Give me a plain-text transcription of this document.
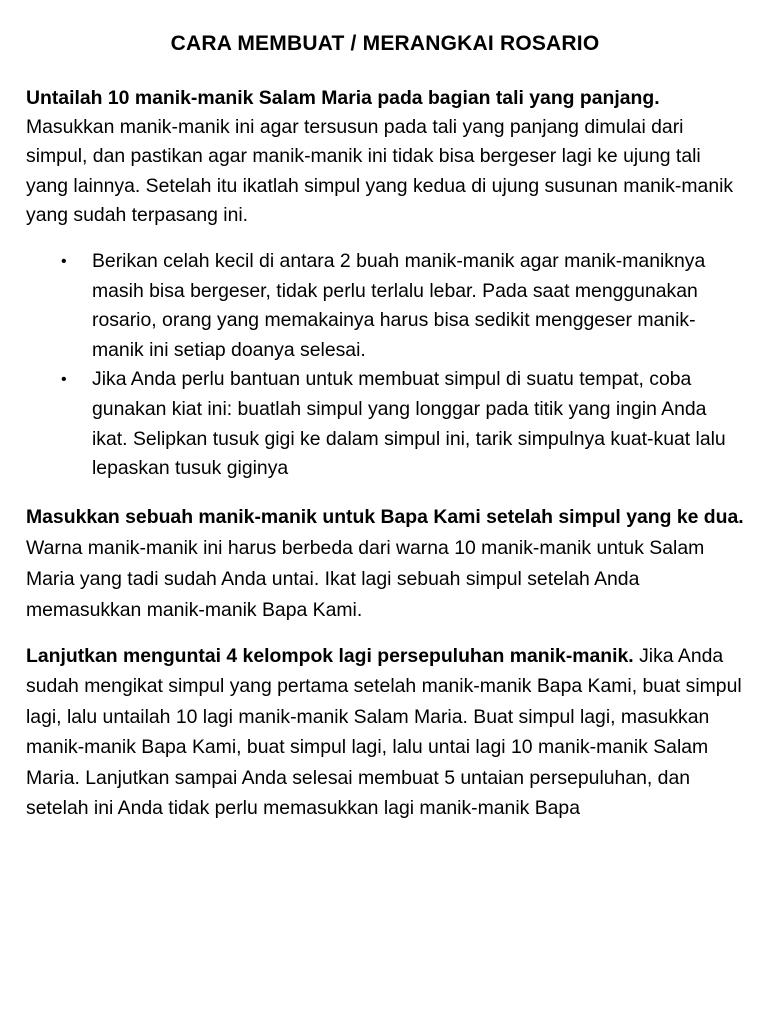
CARA MEMBUAT / MERANGKAI ROSARIO

Untailah 10 manik-manik Salam Maria pada bagian tali yang panjang. Masukkan manik-manik ini agar tersusun pada tali yang panjang dimulai dari simpul, dan pastikan agar manik-manik ini tidak bisa bergeser lagi ke ujung tali yang lainnya. Setelah itu ikatlah simpul yang kedua di ujung susunan manik-manik yang sudah terpasang ini.

• Berikan celah kecil di antara 2 buah manik-manik agar manik-maniknya masih bisa bergeser, tidak perlu terlalu lebar. Pada saat menggunakan rosario, orang yang memakainya harus bisa sedikit menggeser manik-manik ini setiap doanya selesai.
• Jika Anda perlu bantuan untuk membuat simpul di suatu tempat, coba gunakan kiat ini: buatlah simpul yang longgar pada titik yang ingin Anda ikat. Selipkan tusuk gigi ke dalam simpul ini, tarik simpulnya kuat-kuat lalu lepaskan tusuk giginya

Masukkan sebuah manik-manik untuk Bapa Kami setelah simpul yang ke dua. Warna manik-manik ini harus berbeda dari warna 10 manik-manik untuk Salam Maria yang tadi sudah Anda untai. Ikat lagi sebuah simpul setelah Anda memasukkan manik-manik Bapa Kami.

Lanjutkan menguntai 4 kelompok lagi persepuluhan manik-manik. Jika Anda sudah mengikat simpul yang pertama setelah manik-manik Bapa Kami, buat simpul lagi, lalu untailah 10 lagi manik-manik Salam Maria. Buat simpul lagi, masukkan manik-manik Bapa Kami, buat simpul lagi, lalu untai lagi 10 manik-manik Salam Maria. Lanjutkan sampai Anda selesai membuat 5 untaian persepuluhan, dan setelah ini Anda tidak perlu memasukkan lagi manik-manik Bapa
